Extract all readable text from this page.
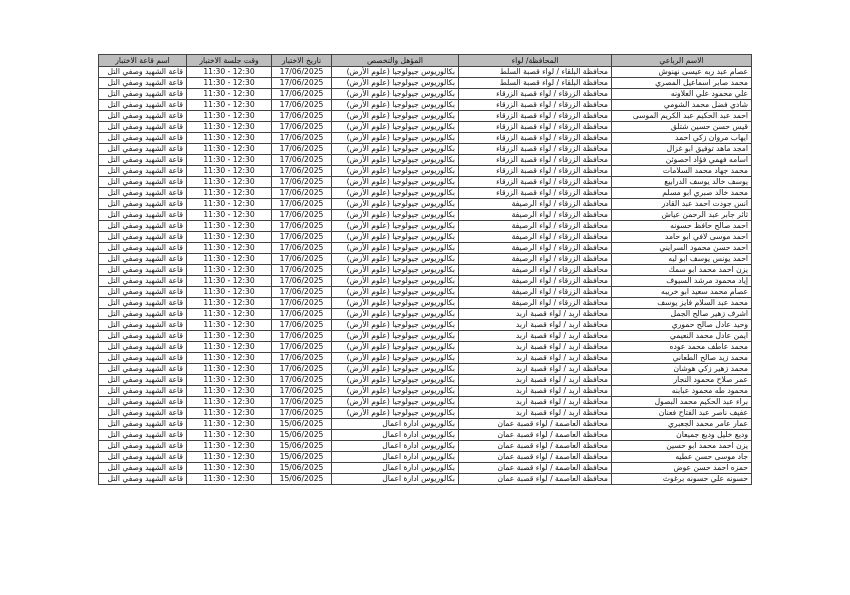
الاسم الرباعي	المحافظة/ لواء	المؤهل والتخصص	تاريخ الاختبار	وقت جلسة الاختبار	اسم قاعة الاختبار
عصام عبد ربه عيسى نهنوش	محافظة البلقاء / لواء قصبة السلط	بكالوريوس جيولوجيا (علوم الأرض)	17/06/2025	11:30 - 12:30	قاعة الشهيد وصفي التل
محمد صابر اسماعيل المصري	محافظة البلقاء / لواء قصبة السلط	بكالوريوس جيولوجيا (علوم الأرض)	17/06/2025	11:30 - 12:30	قاعة الشهيد وصفي التل
علي محمود علي العلاونه	محافظة الزرقاء / لواء قصبة الزرقاء	بكالوريوس جيولوجيا (علوم الأرض)	17/06/2025	11:30 - 12:30	قاعة الشهيد وصفي التل
شادي فضل محمد الشومي	محافظة الزرقاء / لواء قصبة الزرقاء	بكالوريوس جيولوجيا (علوم الأرض)	17/06/2025	11:30 - 12:30	قاعة الشهيد وصفي التل
احمد عبد الحكيم عبد الكريم الموسى	محافظة الزرقاء / لواء قصبة الزرقاء	بكالوريوس جيولوجيا (علوم الأرض)	17/06/2025	11:30 - 12:30	قاعة الشهيد وصفي التل
قيس حسن حسين شتلق	محافظة الزرقاء / لواء قصبة الزرقاء	بكالوريوس جيولوجيا (علوم الأرض)	17/06/2025	11:30 - 12:30	قاعة الشهيد وصفي التل
ايهاب مروان زكي احمد	محافظة الزرقاء / لواء قصبة الزرقاء	بكالوريوس جيولوجيا (علوم الأرض)	17/06/2025	11:30 - 12:30	قاعة الشهيد وصفي التل
امجد ماهد توفيق ابو غزال	محافظة الزرقاء / لواء قصبة الزرقاء	بكالوريوس جيولوجيا (علوم الأرض)	17/06/2025	11:30 - 12:30	قاعة الشهيد وصفي التل
اسامه فهمي فؤاد احصوئن	محافظة الزرقاء / لواء قصبة الزرقاء	بكالوريوس جيولوجيا (علوم الأرض)	17/06/2025	11:30 - 12:30	قاعة الشهيد وصفي التل
محمد جهاد محمد السلامات	محافظة الزرقاء / لواء قصبة الزرقاء	بكالوريوس جيولوجيا (علوم الأرض)	17/06/2025	11:30 - 12:30	قاعة الشهيد وصفي التل
يوسف خالد يوسف الدرابيع	محافظة الزرقاء / لواء قصبة الزرقاء	بكالوريوس جيولوجيا (علوم الأرض)	17/06/2025	11:30 - 12:30	قاعة الشهيد وصفي التل
محمد خالد صبري ابو مسلم	محافظة الزرقاء / لواء قصبة الزرقاء	بكالوريوس جيولوجيا (علوم الأرض)	17/06/2025	11:30 - 12:30	قاعة الشهيد وصفي التل
انس جودت احمد عبد القادر	محافظة الزرقاء / لواء الرصيفة	بكالوريوس جيولوجيا (علوم الأرض)	17/06/2025	11:30 - 12:30	قاعة الشهيد وصفي التل
ثائر جابر عبد الرحمن عياش	محافظة الزرقاء / لواء الرصيفة	بكالوريوس جيولوجيا (علوم الأرض)	17/06/2025	11:30 - 12:30	قاعة الشهيد وصفي التل
احمد صالح حافظ حسونه	محافظة الزرقاء / لواء الرصيفة	بكالوريوس جيولوجيا (علوم الأرض)	17/06/2025	11:30 - 12:30	قاعة الشهيد وصفي التل
احمد موسى لافي ابو حامد	محافظة الزرقاء / لواء الرصيفة	بكالوريوس جيولوجيا (علوم الأرض)	17/06/2025	11:30 - 12:30	قاعة الشهيد وصفي التل
احمد حسن محمود السرايني	محافظة الزرقاء / لواء الرصيفة	بكالوريوس جيولوجيا (علوم الأرض)	17/06/2025	11:30 - 12:30	قاعة الشهيد وصفي التل
احمد يونس يوسف ابو ليه	محافظة الزرقاء / لواء الرصيفة	بكالوريوس جيولوجيا (علوم الأرض)	17/06/2025	11:30 - 12:30	قاعة الشهيد وصفي التل
يزن احمد محمد ابو سمك	محافظة الزرقاء / لواء الرصيفة	بكالوريوس جيولوجيا (علوم الأرض)	17/06/2025	11:30 - 12:30	قاعة الشهيد وصفي التل
إياد محمود مرشد السيوف	محافظة الزرقاء / لواء الرصيفة	بكالوريوس جيولوجيا (علوم الأرض)	17/06/2025	11:30 - 12:30	قاعة الشهيد وصفي التل
عصام محمد سعيد ابو خريبه	محافظة الزرقاء / لواء الرصيفة	بكالوريوس جيولوجيا (علوم الأرض)	17/06/2025	11:30 - 12:30	قاعة الشهيد وصفي التل
محمد عبد السلام فايز يوسف	محافظة الزرقاء / لواء الرصيفة	بكالوريوس جيولوجيا (علوم الأرض)	17/06/2025	11:30 - 12:30	قاعة الشهيد وصفي التل
اشرف زهير صالح الجمل	محافظة اربد / لواء قصبة اربد	بكالوريوس جيولوجيا (علوم الأرض)	17/06/2025	11:30 - 12:30	قاعة الشهيد وصفي التل
وحيد عادل صالح حموري	محافظة اربد / لواء قصبة اربد	بكالوريوس جيولوجيا (علوم الأرض)	17/06/2025	11:30 - 12:30	قاعة الشهيد وصفي التل
ايمن عادل محمد النعيمي	محافظة اربد / لواء قصبة اربد	بكالوريوس جيولوجيا (علوم الأرض)	17/06/2025	11:30 - 12:30	قاعة الشهيد وصفي التل
محمد عاطف محمد عوده	محافظة اربد / لواء قصبة اربد	بكالوريوس جيولوجيا (علوم الأرض)	17/06/2025	11:30 - 12:30	قاعة الشهيد وصفي التل
محمد زيد صالح الطعاني	محافظة اربد / لواء قصبة اربد	بكالوريوس جيولوجيا (علوم الأرض)	17/06/2025	11:30 - 12:30	قاعة الشهيد وصفي التل
محمد زهير زكي هوشان	محافظة اربد / لواء قصبة اربد	بكالوريوس جيولوجيا (علوم الأرض)	17/06/2025	11:30 - 12:30	قاعة الشهيد وصفي التل
عمر صلاح محمود النجار	محافظة اربد / لواء قصبة اربد	بكالوريوس جيولوجيا (علوم الأرض)	17/06/2025	11:30 - 12:30	قاعة الشهيد وصفي التل
محمود طه محمود عبابنه	محافظة اربد / لواء قصبة اربد	بكالوريوس جيولوجيا (علوم الأرض)	17/06/2025	11:30 - 12:30	قاعة الشهيد وصفي التل
براء عبد الحكيم محمد البصول	محافظة اربد / لواء قصبة اربد	بكالوريوس جيولوجيا (علوم الأرض)	17/06/2025	11:30 - 12:30	قاعة الشهيد وصفي التل
عفيف ناصر عبد الفتاح فعنان	محافظة اربد / لواء قصبة اربد	بكالوريوس جيولوجيا (علوم الأرض)	17/06/2025	11:30 - 12:30	قاعة الشهيد وصفي التل
عمار عامر محمد الجعبري	محافظة العاصمة / لواء قصبة عمان	بكالوريوس ادارة اعمال	15/06/2025	11:30 - 12:30	قاعة الشهيد وصفي التل
وديع خليل وديع جميعان	محافظة العاصمة / لواء قصبة عمان	بكالوريوس ادارة اعمال	15/06/2025	11:30 - 12:30	قاعة الشهيد وصفي التل
يزن احمد محمد ابو حسين	محافظة العاصمة / لواء قصبة عمان	بكالوريوس ادارة اعمال	15/06/2025	11:30 - 12:30	قاعة الشهيد وصفي التل
جاد موسى حسن عطيه	محافظة العاصمة / لواء قصبة عمان	بكالوريوس ادارة اعمال	15/06/2025	11:30 - 12:30	قاعة الشهيد وصفي التل
حمزه احمد حسن عوض	محافظة العاصمة / لواء قصبة عمان	بكالوريوس ادارة اعمال	15/06/2025	11:30 - 12:30	قاعة الشهيد وصفي التل
حسونه علي حسونه برغوث	محافظة العاصمة / لواء قصبة عمان	بكالوريوس ادارة اعمال	15/06/2025	11:30 - 12:30	قاعة الشهيد وصفي التل
